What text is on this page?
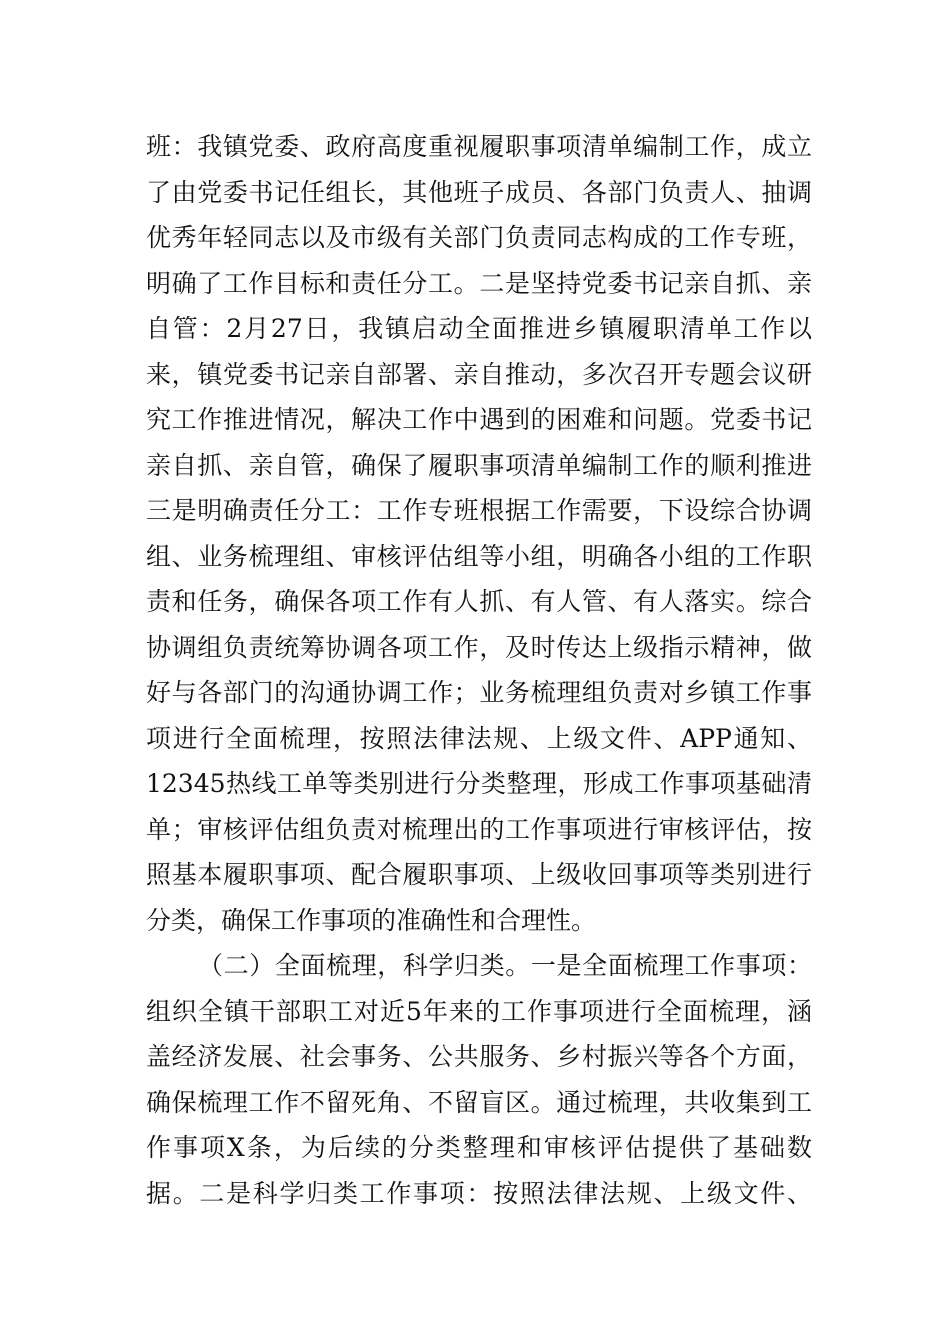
班：我镇党委、政府高度重视履职事项清单编制工作，成立
了由党委书记任组长，其他班子成员、各部门负责人、抽调
优秀年轻同志以及市级有关部门负责同志构成的工作专班，
明确了工作目标和责任分工。二是坚持党委书记亲自抓、亲
自管：2月27日，我镇启动全面推进乡镇履职清单工作以
来，镇党委书记亲自部署、亲自推动，多次召开专题会议研
究工作推进情况，解决工作中遇到的困难和问题。党委书记
亲自抓、亲自管，确保了履职事项清单编制工作的顺利推进
三是明确责任分工：工作专班根据工作需要，下设综合协调
组、业务梳理组、审核评估组等小组，明确各小组的工作职
责和任务，确保各项工作有人抓、有人管、有人落实。综合
协调组负责统筹协调各项工作，及时传达上级指示精神，做
好与各部门的沟通协调工作；业务梳理组负责对乡镇工作事
项进行全面梳理，按照法律法规、上级文件、APP通知、
12345热线工单等类别进行分类整理，形成工作事项基础清
单；审核评估组负责对梳理出的工作事项进行审核评估，按
照基本履职事项、配合履职事项、上级收回事项等类别进行
分类，确保工作事项的准确性和合理性。
（二）全面梳理，科学归类。一是全面梳理工作事项：
组织全镇干部职工对近5年来的工作事项进行全面梳理，涵
盖经济发展、社会事务、公共服务、乡村振兴等各个方面，
确保梳理工作不留死角、不留盲区。通过梳理，共收集到工
作事项X条，为后续的分类整理和审核评估提供了基础数
据。二是科学归类工作事项：按照法律法规、上级文件、
